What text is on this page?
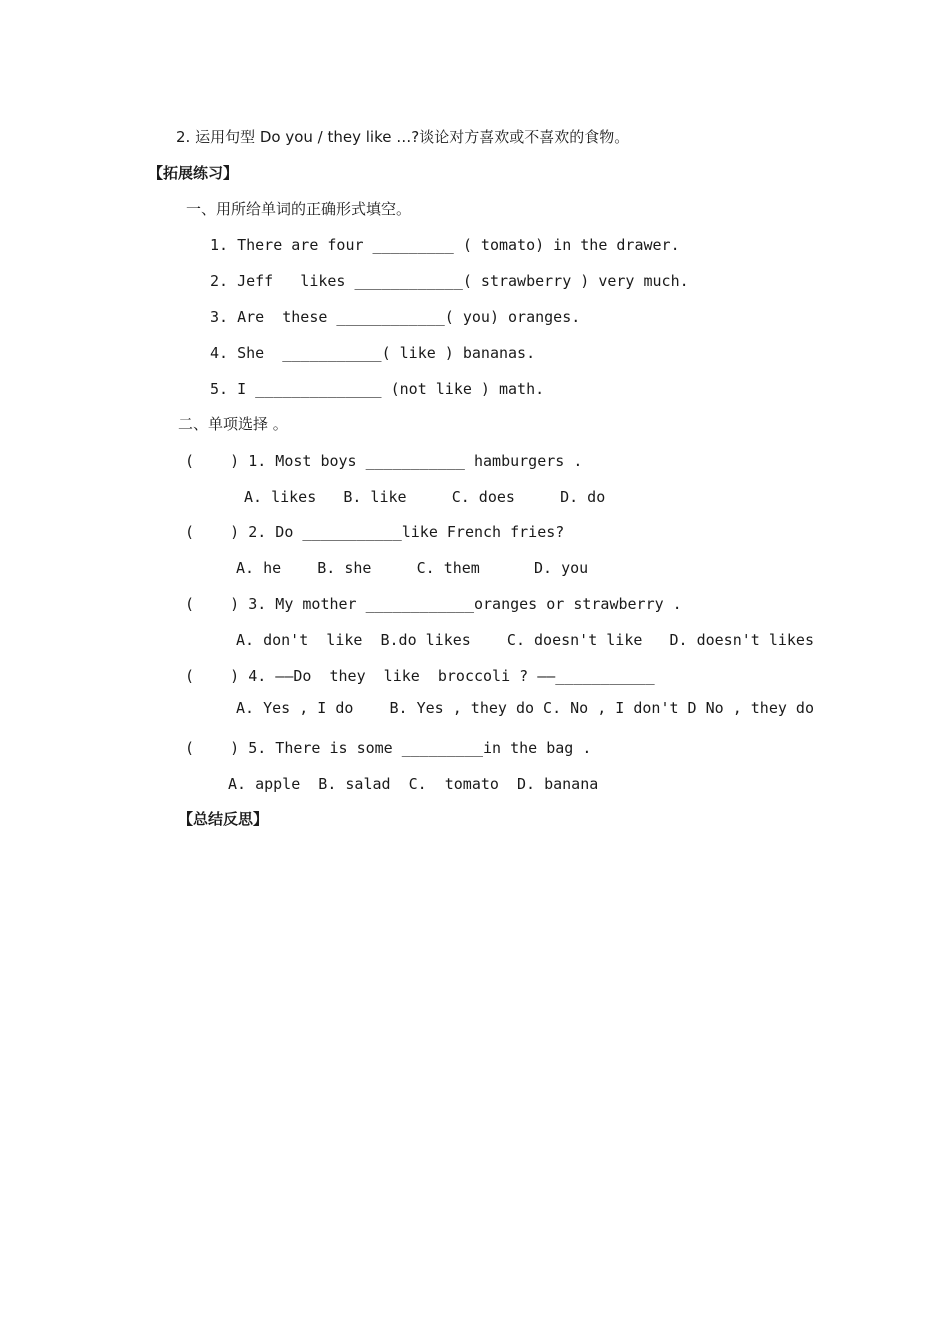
2. 运用句型 Do you / they like …?谈论对方喜欢或不喜欢的食物。
【拓展练习】
一、用所给单词的正确形式填空。
1. There are four _________ ( tomato) in the drawer.
2. Jeff   likes ____________( strawberry ) very much.
3. Are  these ____________( you) oranges.
4. She  ___________( like ) bananas.
5. I ______________ (not like ) math.
二、单项选择 。
(    ) 1. Most boys ___________ hamburgers .
A. likes   B. like     C. does     D. do
(    ) 2. Do ___________like French fries?
A. he    B. she     C. them      D. you
(    ) 3. My mother ____________oranges or strawberry .
A. don't  like  B.do likes    C. doesn't like   D. doesn't likes
(    ) 4. ——Do  they  like  broccoli ? ——___________
A. Yes , I do    B. Yes , they do C. No , I don't D No , they do
(    ) 5. There is some _________in the bag .
A. apple  B. salad  C.  tomato  D. banana
【总结反思】
